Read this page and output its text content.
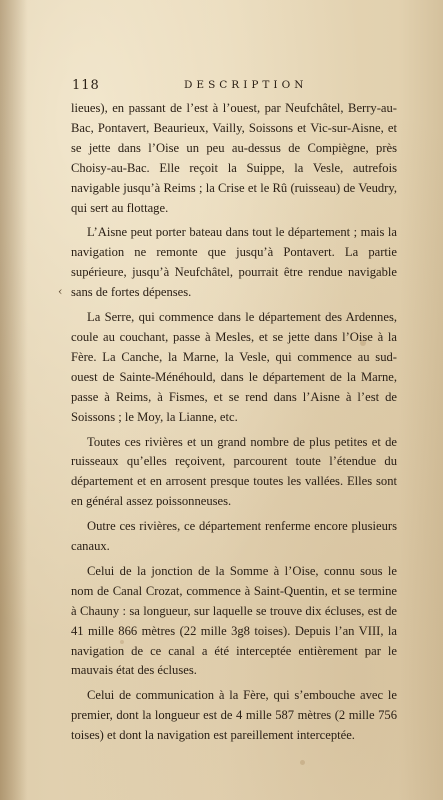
118	DESCRIPTION
‹

lieues), en passant de l’est à l’ouest, par Neufchâtel, Berry-au-Bac, Pontavert, Beaurieux, Vailly, Soissons et Vic-sur-Aisne, et se jette dans l’Oise un peu au-dessus de Compiègne, près Choisy-au-Bac. Elle reçoit la Suippe, la Vesle, autrefois navigable jusqu’à Reims ; la Crise et le Rû (ruisseau) de Veudry, qui sert au flottage.

L’Aisne peut porter bateau dans tout le département ; mais la navigation ne remonte que jusqu’à Pontavert. La partie supérieure, jusqu’à Neufchâtel, pourrait être rendue navigable sans de fortes dépenses.

La Serre, qui commence dans le département des Ardennes, coule au couchant, passe à Mesles, et se jette dans l’Oise à la Fère. La Canche, la Marne, la Vesle, qui commence au sud-ouest de Sainte-Ménéhould, dans le département de la Marne, passe à Reims, à Fismes, et se rend dans l’Aisne à l’est de Soissons ; le Moy, la Lianne, etc.

Toutes ces rivières et un grand nombre de plus petites et de ruisseaux qu’elles reçoivent, parcourent toute l’étendue du département et en arrosent presque toutes les vallées. Elles sont en général assez poissonneuses.

Outre ces rivières, ce département renferme encore plusieurs canaux.

Celui de la jonction de la Somme à l’Oise, connu sous le nom de Canal Crozat, commence à Saint-Quentin, et se termine à Chauny : sa longueur, sur laquelle se trouve dix écluses, est de 41 mille 866 mètres (22 mille 3g8 toises). Depuis l’an VIII, la navigation de ce canal a été interceptée entièrement par le mauvais état des écluses.

Celui de communication à la Fère, qui s’embouche avec le premier, dont la longueur est de 4 mille 587 mètres (2 mille 756 toises) et dont la navigation est pareillement interceptée.
